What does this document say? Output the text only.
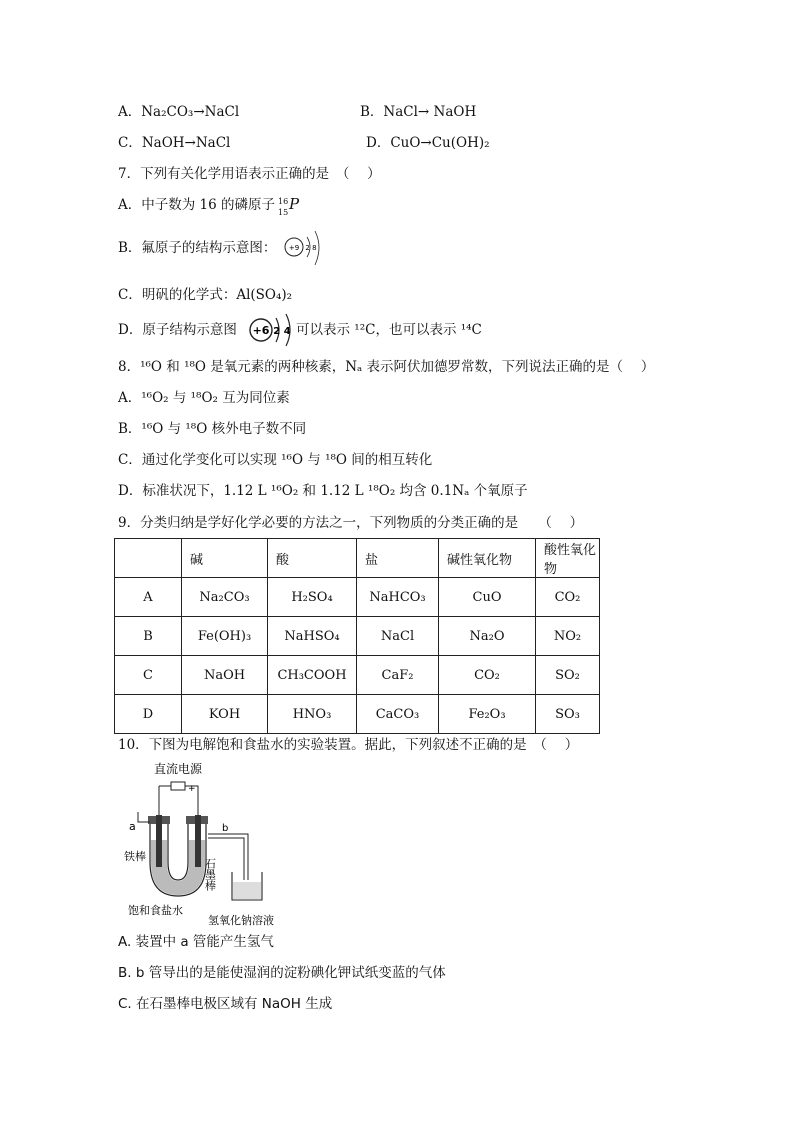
A．Na₂CO₃→NaCl	B．NaCl→ NaOH
C．NaOH→NaCl	D．CuO→Cu(OH)₂
7．下列有关化学用语表示正确的是　（　 ）
A．中子数为 16 的磷原子 16
15 P
B．氟原子的结构示意图： +9 2 8
C．明矾的化学式：Al(SO₄)₂
D．原子结构示意图 +6 2 4 可以表示 ¹²C，也可以表示 ¹⁴C
8．¹⁶O 和 ¹⁸O 是氧元素的两种核素，Nₐ 表示阿伏加德罗常数，下列说法正确的是（　 ）
A．¹⁶O₂ 与 ¹⁸O₂ 互为同位素
B．¹⁶O 与 ¹⁸O 核外电子数不同
C．通过化学变化可以实现 ¹⁶O 与 ¹⁸O 间的相互转化
D．标准状况下，1.12 L ¹⁶O₂ 和 1.12 L ¹⁸O₂ 均含 0.1Nₐ 个氧原子
9．分类归纳是学好化学必要的方法之一，下列物质的分类正确的是　　（　 ）
	碱	酸	盐	碱性氧化物	酸性氧化物
A	Na₂CO₃	H₂SO₄	NaHCO₃	CuO	CO₂
B	Fe(OH)₃	NaHSO₄	NaCl	Na₂O	NO₂
C	NaOH	CH₃COOH	CaF₂	CO₂	SO₂
D	KOH	HNO₃	CaCO₃	Fe₂O₃	SO₃
10．下图为电解饱和食盐水的实验装置。据此，下列叙述不正确的是　（　 ）
直流电源
+
a	b
铁棒
石墨棒
饱和食盐水
氢氧化钠溶液
A. 装置中 a 管能产生氢气
B. b 管导出的是能使湿润的淀粉碘化钾试纸变蓝的气体
C. 在石墨棒电极区域有 NaOH 生成
